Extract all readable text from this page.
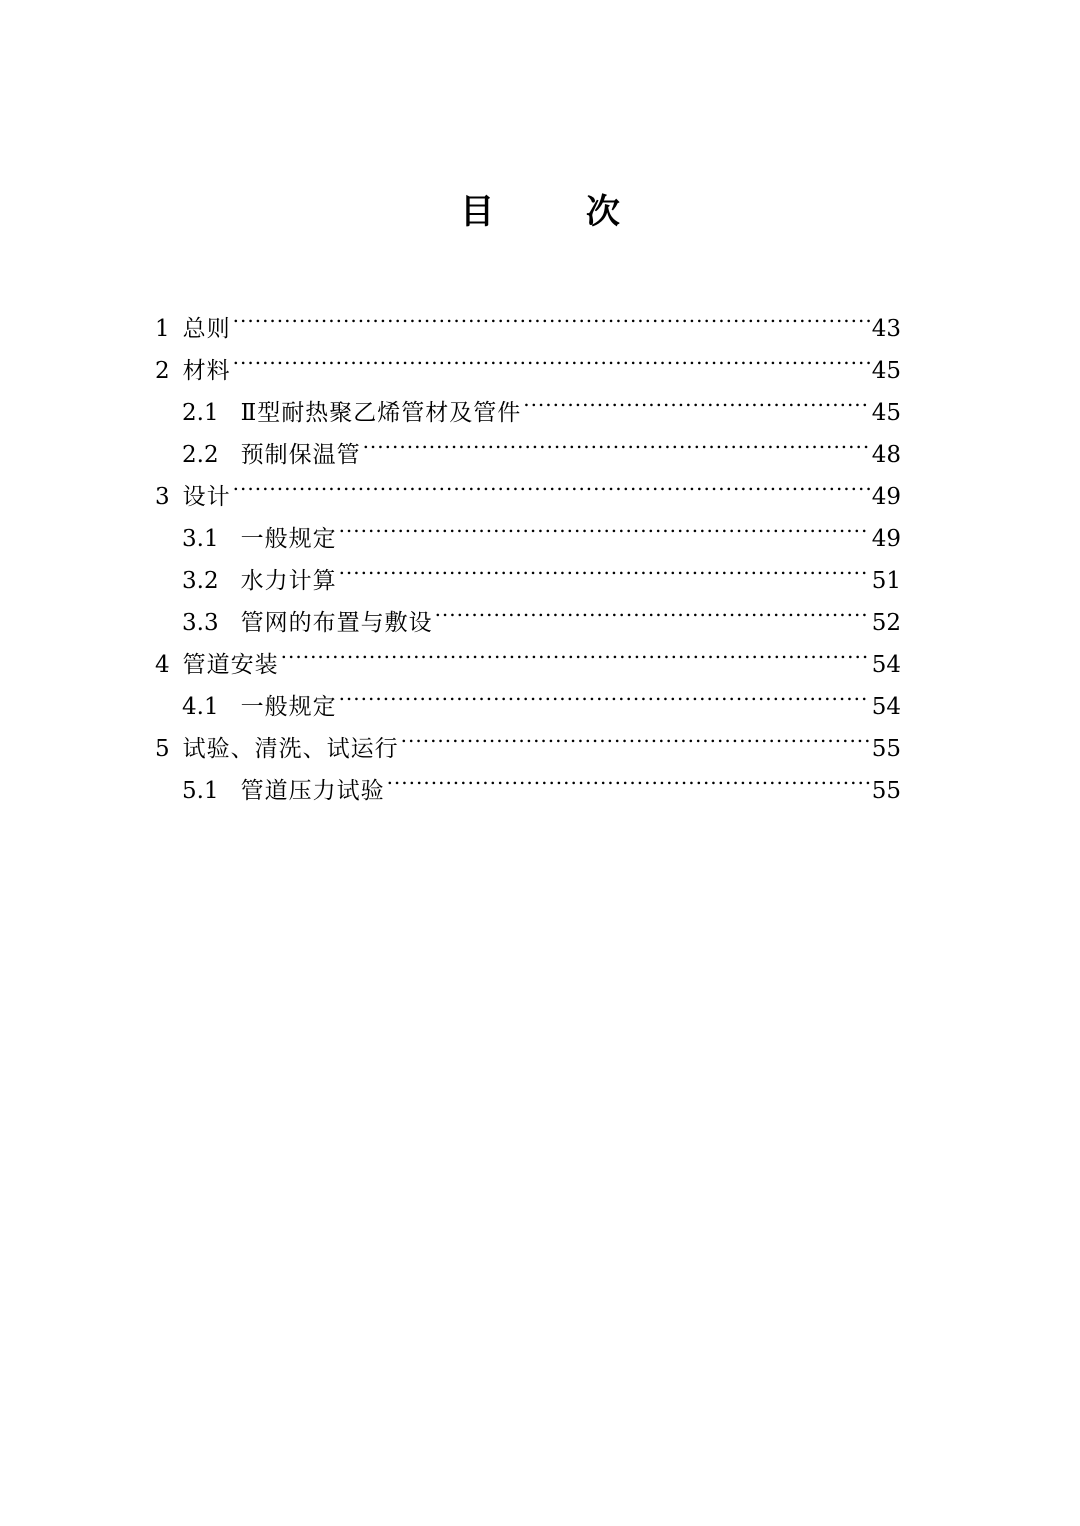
目 次
1 总则 .....	43
2 材料 .....	45
2.1 Ⅱ型耐热聚乙烯管材及管件 .....	45
2.2 预制保温管 .....	48
3 设计 .....	49
3.1 一般规定 .....	49
3.2 水力计算 .....	51
3.3 管网的布置与敷设 .....	52
4 管道安装 .....	54
4.1 一般规定 .....	54
5 试验、清洗、试运行 .....	55
5.1 管道压力试验 .....	55
